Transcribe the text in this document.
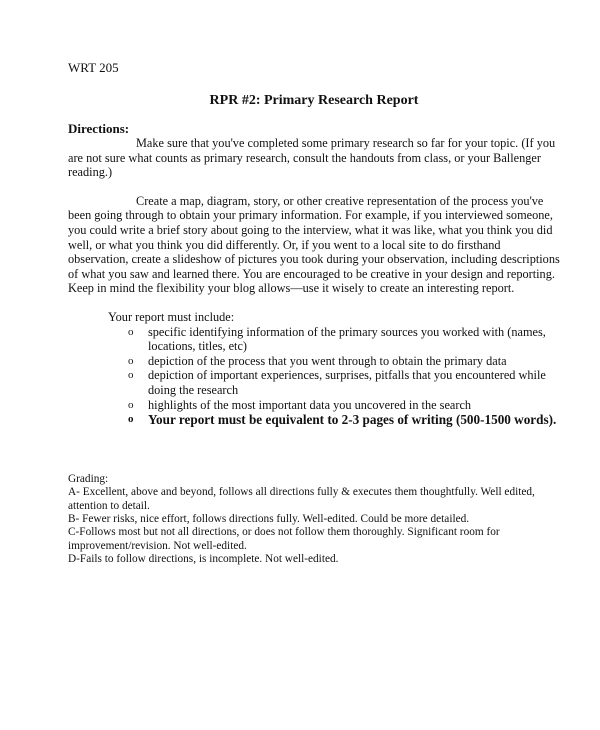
WRT 205

RPR #2: Primary Research Report

Directions:

Make sure that you've completed some primary research so far for your topic. (If you are not sure what counts as primary research, consult the handouts from class, or your Ballenger reading.)

Create a map, diagram, story, or other creative representation of the process you've been going through to obtain your primary information. For example, if you interviewed someone, you could write a brief story about going to the interview, what it was like, what you think you did well, or what you think you did differently. Or, if you went to a local site to do firsthand observation, create a slideshow of pictures you took during your observation, including descriptions of what you saw and learned there. You are encouraged to be creative in your design and reporting. Keep in mind the flexibility your blog allows—use it wisely to create an interesting report.

Your report must include:

o specific identifying information of the primary sources you worked with (names, locations, titles, etc)
o depiction of the process that you went through to obtain the primary data
o depiction of important experiences, surprises, pitfalls that you encountered while doing the research
o highlights of the most important data you uncovered in the search
o Your report must be equivalent to 2-3 pages of writing (500-1500 words).

Grading:

A- Excellent, above and beyond, follows all directions fully & executes them thoughtfully. Well edited, attention to detail.

B- Fewer risks, nice effort, follows directions fully. Well-edited. Could be more detailed.

C-Follows most but not all directions, or does not follow them thoroughly. Significant room for improvement/revision. Not well-edited.

D-Fails to follow directions, is incomplete. Not well-edited.
